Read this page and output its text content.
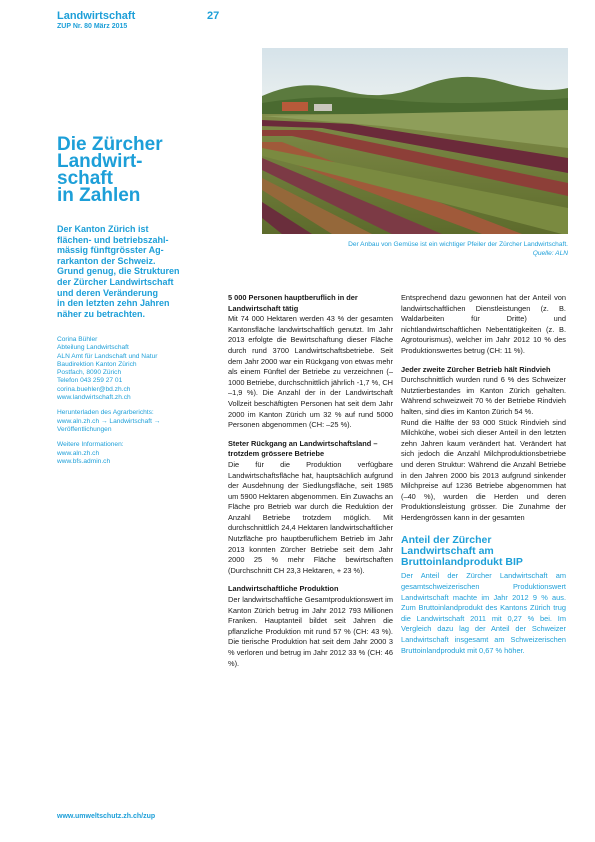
Landwirtschaft
ZUP Nr. 80 März 2015
27
Der Anbau von Gemüse ist ein wichtiger Pfeiler der Zürcher Landwirtschaft.
Quelle: ALN
Die Zürcher
Landwirt-
schaft
in Zahlen
Der Kanton Zürich ist
flächen- und betriebszahl-
mässig fünftgrösster Ag-
rarkanton der Schweiz.
Grund genug, die Strukturen
der Zürcher Landwirtschaft
und deren Veränderung
in den letzten zehn Jahren
näher zu betrachten.

Corina Bühler
Abteilung Landwirtschaft
ALN Amt für Landschaft und Natur
Baudirektion Kanton Zürich
Postfach, 8090 Zürich
Telefon 043 259 27 01
corina.buehler@bd.zh.ch
www.landwirtschaft.zh.ch

Herunterladen des Agrarberichts:
www.aln.zh.ch → Landwirtschaft →
Veröffentlichungen

Weitere Informationen:
www.aln.zh.ch
www.bfs.admin.ch

5 000 Personen hauptberuflich in der Landwirtschaft tätig

Mit 74 000 Hektaren werden 43 % der gesamten Kantonsfläche landwirtschaftlich genutzt. Im Jahr 2013 erfolgte die Bewirtschaftung dieser Fläche durch rund 3700 Landwirtschaftsbetriebe. Seit dem Jahr 2000 war ein Rückgang von etwas mehr als einem Fünftel der Betriebe zu verzeichnen (–1000 Betriebe, durchschnittlich jährlich -1,7 %, CH –1,9 %). Die Anzahl der in der Landwirtschaft Vollzeit beschäftigten Personen hat seit dem Jahr 2000 im Kanton Zürich um 32 % auf rund 5000 Personen abgenommen (CH: –25 %).

Steter Rückgang an Landwirtschaftsland – trotzdem grössere Betriebe

Die für die Produktion verfügbare Landwirtschaftsfläche hat, hauptsächlich aufgrund der Ausdehnung der Siedlungsfläche, seit 1985 um 5900 Hektaren abgenommen. Ein Zuwachs an Fläche pro Betrieb war durch die Reduktion der Anzahl Betriebe trotzdem möglich. Mit durchschnittlich 24,4 Hektaren landwirtschaftlicher Nutzfläche pro hauptberuflichem Betrieb im Jahr 2013 konnten Zürcher Betriebe seit dem Jahr 2000 25 % mehr Fläche bewirtschaften (Durchschnitt CH 23,3 Hektaren, + 23 %).

Landwirtschaftliche Produktion

Der landwirtschaftliche Gesamtproduktionswert im Kanton Zürich betrug im Jahr 2012 793 Millionen Franken. Hauptanteil bildet seit Jahren die pflanzliche Produktion mit rund 57 % (CH: 43 %). Die tierische Produktion hat seit dem Jahr 2000 3 % verloren und betrug im Jahr 2012 33 % (CH: 46 %).

Entsprechend dazu gewonnen hat der Anteil von landwirtschaftlichen Dienstleistungen (z. B. Waldarbeiten für Dritte) und nichtlandwirtschaftlichen Nebentätigkeiten (z. B. Agrotourismus), welcher im Jahr 2012 10 % des Produktionswertes betrug (CH: 11 %).

Jeder zweite Zürcher Betrieb hält Rindvieh

Durchschnittlich wurden rund 6 % des Schweizer Nutztierbestandes im Kanton Zürich gehalten. Während schweizweit 70 % der Betriebe Rindvieh halten, sind dies im Kanton Zürich 54 %.

Rund die Hälfte der 93 000 Stück Rindvieh sind Milchkühe, wobei sich dieser Anteil in den letzten zehn Jahren kaum verändert hat. Verändert hat sich jedoch die Anzahl Milchproduktionsbetriebe und deren Struktur: Während die Anzahl Betriebe in den Jahren 2000 bis 2013 aufgrund sinkender Milchpreise auf 1236 Betriebe abgenommen hat (–40 %), wurden die Herden und deren Produktionsleistung grösser. Die Zunahme der Herdengrössen kann in der gesamten

Anteil der Zürcher Landwirtschaft am Bruttoinlandprodukt BIP

Der Anteil der Zürcher Landwirtschaft am gesamtschweizerischen Produktionswert Landwirtschaft machte im Jahr 2012 9 % aus. Zum Bruttoinlandprodukt des Kantons Zürich trug die Landwirtschaft 2011 mit 0,27 % bei. Im Vergleich dazu lag der Anteil der Schweizer Landwirtschaft insgesamt am Schweizerischen Bruttoinlandprodukt mit 0,67 % höher.

www.umweltschutz.zh.ch/zup
